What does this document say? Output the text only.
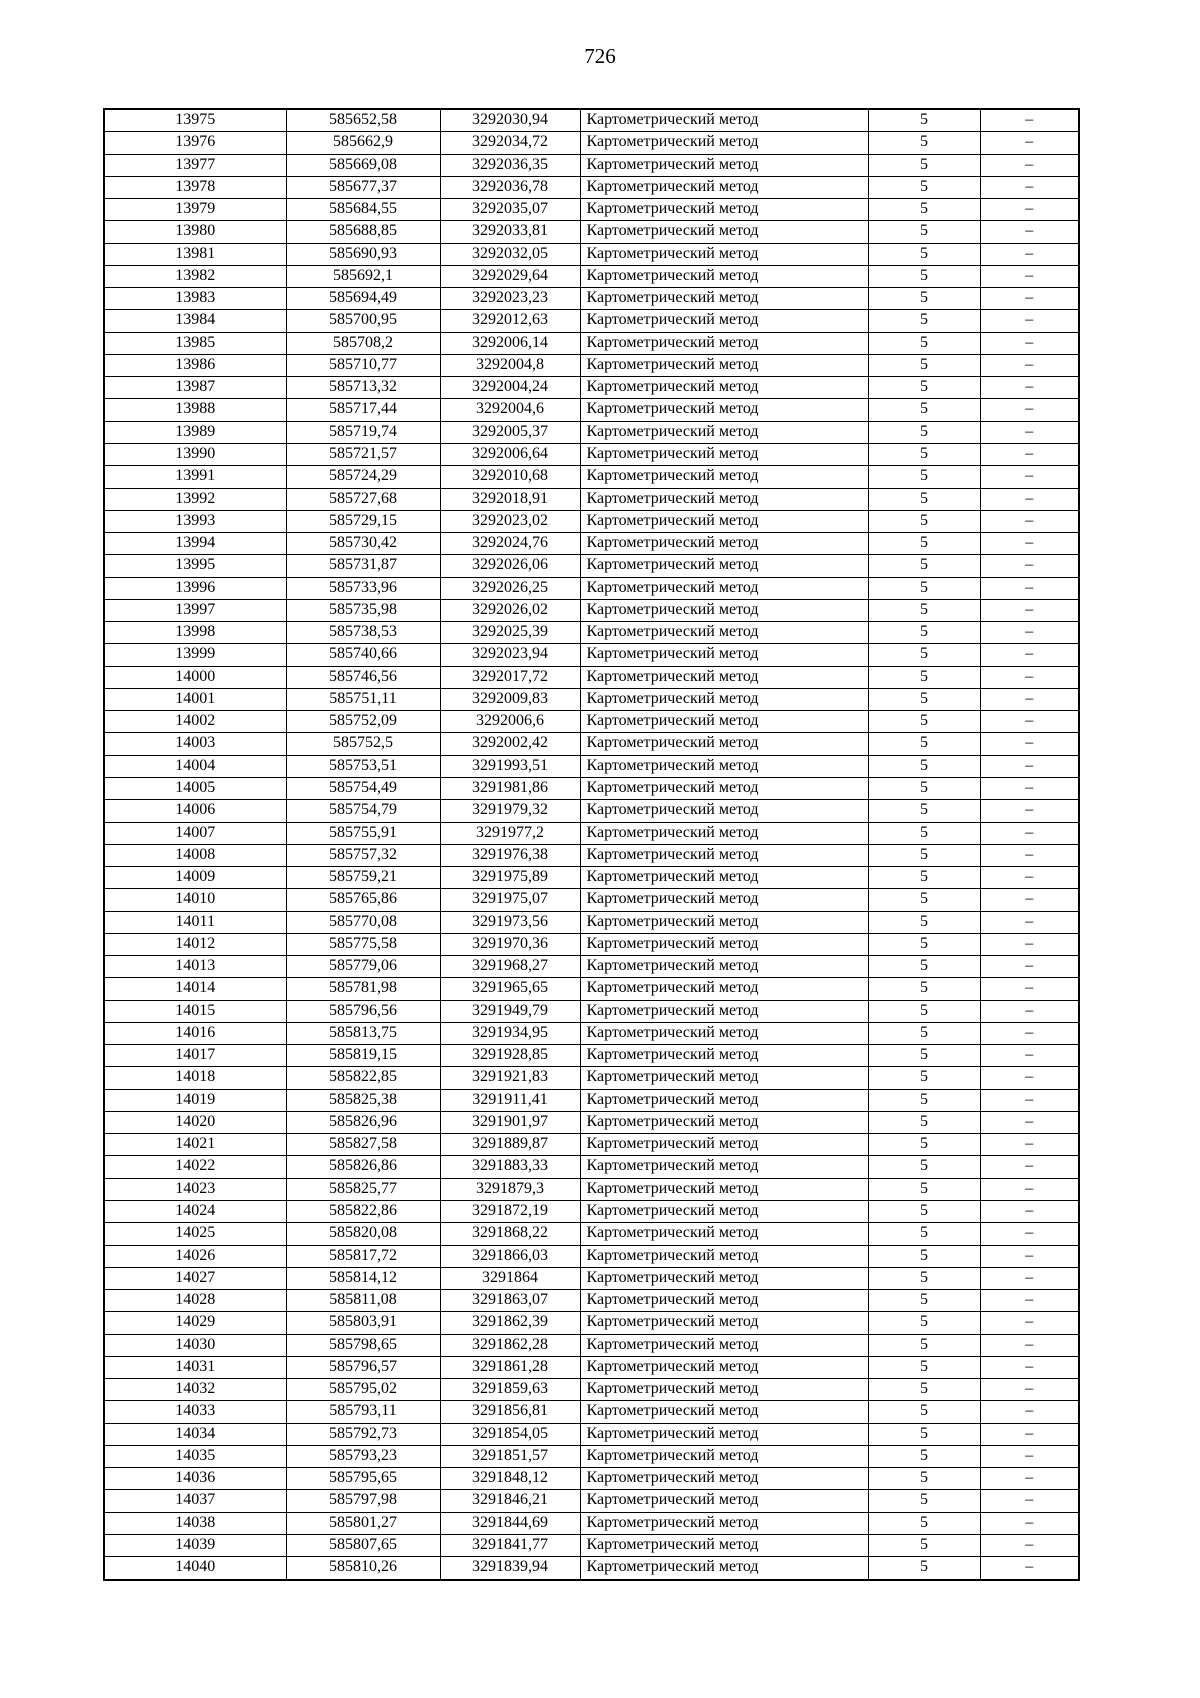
726
13975	585652,58	3292030,94	Картометрический метод	5	–
13976	585662,9	3292034,72	Картометрический метод	5	–
13977	585669,08	3292036,35	Картометрический метод	5	–
13978	585677,37	3292036,78	Картометрический метод	5	–
13979	585684,55	3292035,07	Картометрический метод	5	–
13980	585688,85	3292033,81	Картометрический метод	5	–
13981	585690,93	3292032,05	Картометрический метод	5	–
13982	585692,1	3292029,64	Картометрический метод	5	–
13983	585694,49	3292023,23	Картометрический метод	5	–
13984	585700,95	3292012,63	Картометрический метод	5	–
13985	585708,2	3292006,14	Картометрический метод	5	–
13986	585710,77	3292004,8	Картометрический метод	5	–
13987	585713,32	3292004,24	Картометрический метод	5	–
13988	585717,44	3292004,6	Картометрический метод	5	–
13989	585719,74	3292005,37	Картометрический метод	5	–
13990	585721,57	3292006,64	Картометрический метод	5	–
13991	585724,29	3292010,68	Картометрический метод	5	–
13992	585727,68	3292018,91	Картометрический метод	5	–
13993	585729,15	3292023,02	Картометрический метод	5	–
13994	585730,42	3292024,76	Картометрический метод	5	–
13995	585731,87	3292026,06	Картометрический метод	5	–
13996	585733,96	3292026,25	Картометрический метод	5	–
13997	585735,98	3292026,02	Картометрический метод	5	–
13998	585738,53	3292025,39	Картометрический метод	5	–
13999	585740,66	3292023,94	Картометрический метод	5	–
14000	585746,56	3292017,72	Картометрический метод	5	–
14001	585751,11	3292009,83	Картометрический метод	5	–
14002	585752,09	3292006,6	Картометрический метод	5	–
14003	585752,5	3292002,42	Картометрический метод	5	–
14004	585753,51	3291993,51	Картометрический метод	5	–
14005	585754,49	3291981,86	Картометрический метод	5	–
14006	585754,79	3291979,32	Картометрический метод	5	–
14007	585755,91	3291977,2	Картометрический метод	5	–
14008	585757,32	3291976,38	Картометрический метод	5	–
14009	585759,21	3291975,89	Картометрический метод	5	–
14010	585765,86	3291975,07	Картометрический метод	5	–
14011	585770,08	3291973,56	Картометрический метод	5	–
14012	585775,58	3291970,36	Картометрический метод	5	–
14013	585779,06	3291968,27	Картометрический метод	5	–
14014	585781,98	3291965,65	Картометрический метод	5	–
14015	585796,56	3291949,79	Картометрический метод	5	–
14016	585813,75	3291934,95	Картометрический метод	5	–
14017	585819,15	3291928,85	Картометрический метод	5	–
14018	585822,85	3291921,83	Картометрический метод	5	–
14019	585825,38	3291911,41	Картометрический метод	5	–
14020	585826,96	3291901,97	Картометрический метод	5	–
14021	585827,58	3291889,87	Картометрический метод	5	–
14022	585826,86	3291883,33	Картометрический метод	5	–
14023	585825,77	3291879,3	Картометрический метод	5	–
14024	585822,86	3291872,19	Картометрический метод	5	–
14025	585820,08	3291868,22	Картометрический метод	5	–
14026	585817,72	3291866,03	Картометрический метод	5	–
14027	585814,12	3291864	Картометрический метод	5	–
14028	585811,08	3291863,07	Картометрический метод	5	–
14029	585803,91	3291862,39	Картометрический метод	5	–
14030	585798,65	3291862,28	Картометрический метод	5	–
14031	585796,57	3291861,28	Картометрический метод	5	–
14032	585795,02	3291859,63	Картометрический метод	5	–
14033	585793,11	3291856,81	Картометрический метод	5	–
14034	585792,73	3291854,05	Картометрический метод	5	–
14035	585793,23	3291851,57	Картометрический метод	5	–
14036	585795,65	3291848,12	Картометрический метод	5	–
14037	585797,98	3291846,21	Картометрический метод	5	–
14038	585801,27	3291844,69	Картометрический метод	5	–
14039	585807,65	3291841,77	Картометрический метод	5	–
14040	585810,26	3291839,94	Картометрический метод	5	–
